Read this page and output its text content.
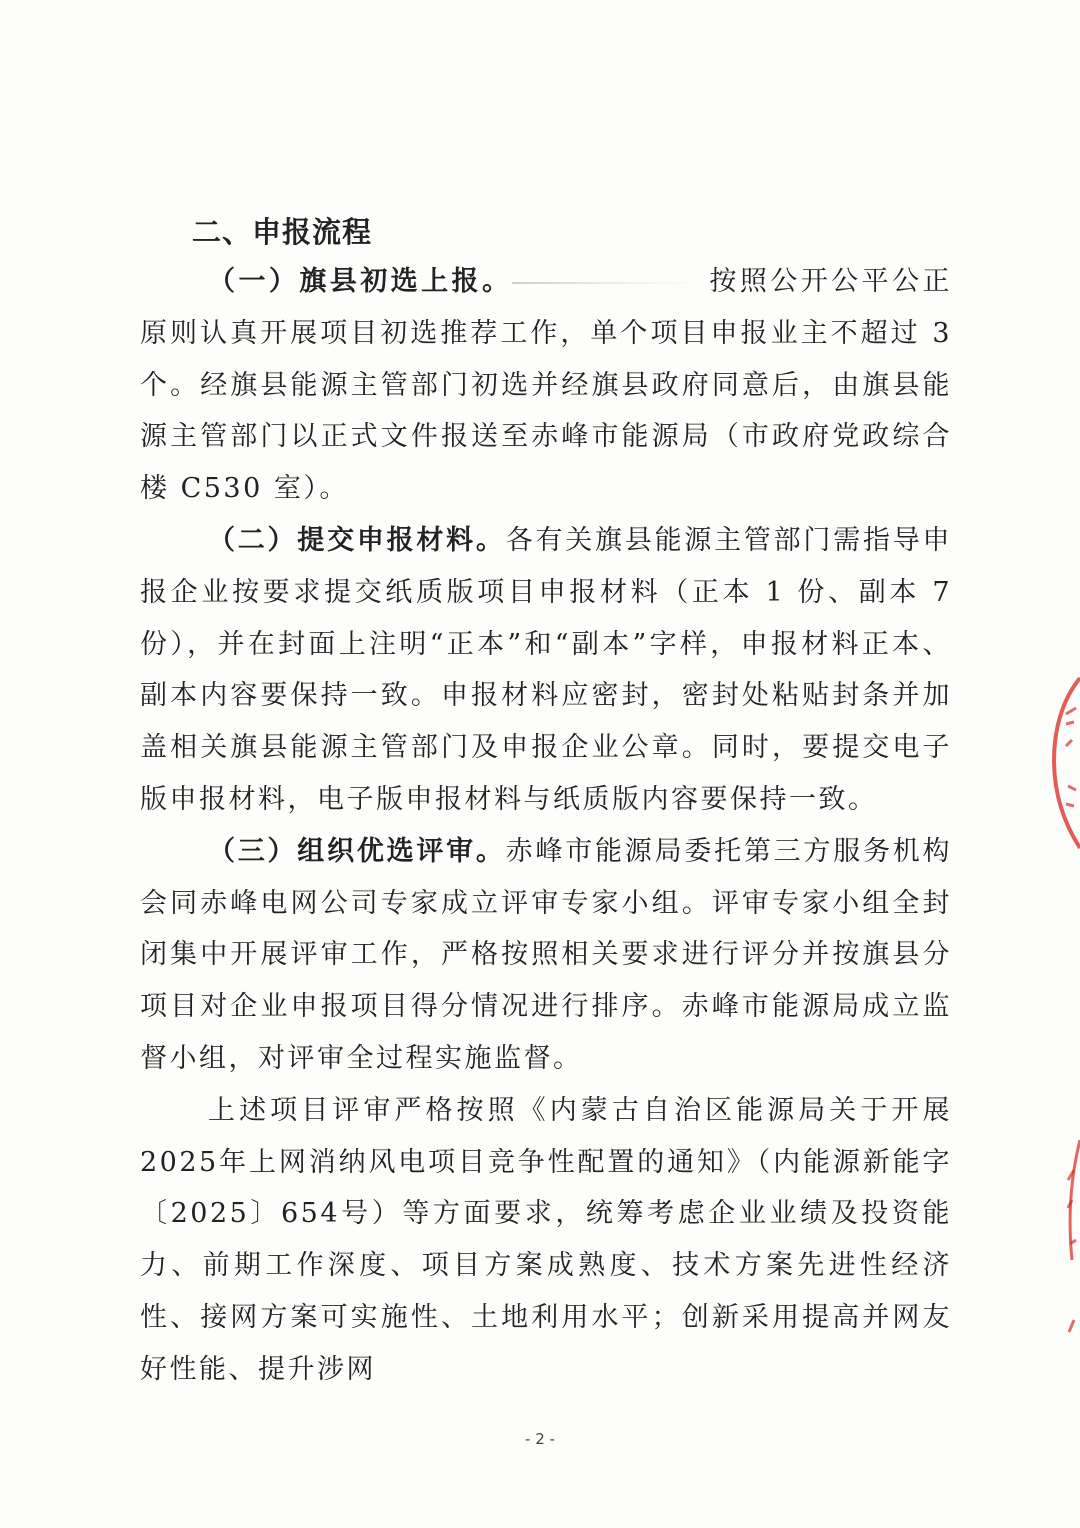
二、申报流程

（一）旗县初选上报。	按照公开公平公正原则认真开展项目初选推荐工作，单个项目申报业主不超过 3 个。经旗县能源主管部门初选并经旗县政府同意后，由旗县能源主管部门以正式文件报送至赤峰市能源局（市政府党政综合楼 C530 室）。

（二）提交申报材料。各有关旗县能源主管部门需指导申报企业按要求提交纸质版项目申报材料（正本 1 份、副本 7 份），并在封面上注明“正本”和“副本”字样，申报材料正本、副本内容要保持一致。申报材料应密封，密封处粘贴封条并加盖相关旗县能源主管部门及申报企业公章。同时，要提交电子版申报材料，电子版申报材料与纸质版内容要保持一致。

（三）组织优选评审。赤峰市能源局委托第三方服务机构会同赤峰电网公司专家成立评审专家小组。评审专家小组全封闭集中开展评审工作，严格按照相关要求进行评分并按旗县分项目对企业申报项目得分情况进行排序。赤峰市能源局成立监督小组，对评审全过程实施监督。

上述项目评审严格按照《内蒙古自治区能源局关于开展2025年上网消纳风电项目竞争性配置的通知》（内能源新能字〔2025〕654号）等方面要求，统筹考虑企业业绩及投资能力、前期工作深度、项目方案成熟度、技术方案先进性经济性、接网方案可实施性、土地利用水平；创新采用提高并网友好性能、提升涉网

- 2 -
